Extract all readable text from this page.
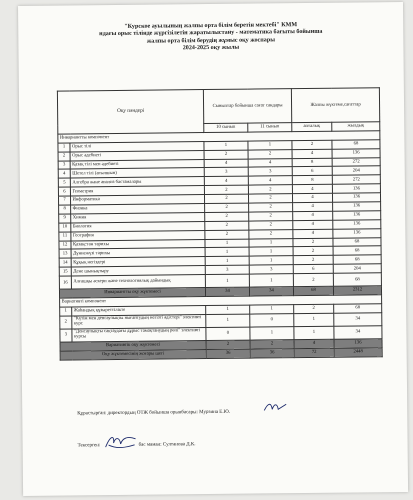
"Курское ауылының жалпы орта білім беретін мектебі" КММ
ндағы орыс тілінде жүргізілетін жаратылыстану - математика бағыты бойынша
жалпы орта білім берудің жұмыс оқу жоспары
2024-2025 оқу жылы
Оқу пәндері		Сыныптар бойынша сағат сандары		Жалпы жүктеме,сағаттар	
		10 сынып	11 сынып	апталық	жылдық
Инвариантты компонент					
1	Орыс тілі	1	1	2	68
2	Орыс әдебиеті	2	2	4	136
3	Қазақ тілі мен әдебиеті	4	4	8	272
4	Шетел тілі (ағылшын)	3	3	6	204
5	Алгебра және анализ бастамалары	4	4	8	272
6	Геометрия	2	2	4	136
7	Информатика	2	2	4	136
8	Физика	2	2	4	136
9	Химия	2	2	4	136
10	Биология	2	2	4	136
11	География	2	2	4	136
12	Қазақстан тарихы	1	1	2	68
13	Дүниежүзі тарихы	1	1	2	68
14	Құқық негіздері	1	1	2	68
15	Дене шынықтыру	3	3	6	204
16	Алғашқы әскери және технологиялық дайындық	1	1	2	68
Инвариантты оқу жүктемесі		34	34	68	2312
Вариативті компонент					
1	Жаһандық құзыреттілікте	1	1	2	68
2	"Күтім мен денсаулықты нығайтудың негізгі әдістері" элективті курс	1	0	1	34
3	"Денсаулықты сақтаудағы дұрыс тамақтанудың рөлі" элективті курсы	0	1	1	34
Вариативтік оқу жүктемесі		2	2	4	136
Оқу жүктемесінің жоғары шегі		36	36	72	2448
Құрастырған: директордың ОТЖ бойынша орынбасары: Мурзина Е.Ю.
Тексерген:	бас маман: Султанова Д.К.
